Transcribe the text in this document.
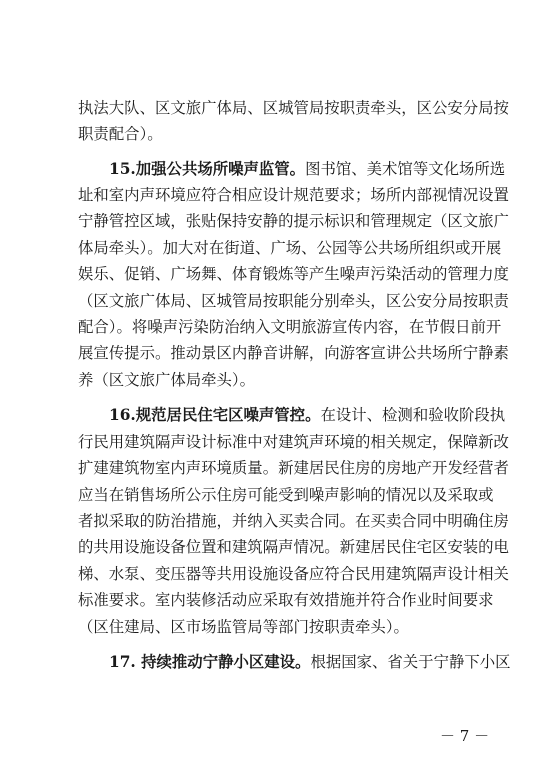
执法大队、区文旅广体局、区城管局按职责牵头，区公安分局按
职责配合）。
15.加强公共场所噪声监管。图书馆、美术馆等文化场所选
址和室内声环境应符合相应设计规范要求；场所内部视情况设置
宁静管控区域，张贴保持安静的提示标识和管理规定（区文旅广
体局牵头）。加大对在街道、广场、公园等公共场所组织或开展
娱乐、促销、广场舞、体育锻炼等产生噪声污染活动的管理力度
（区文旅广体局、区城管局按职能分别牵头，区公安分局按职责
配合）。将噪声污染防治纳入文明旅游宣传内容，在节假日前开
展宣传提示。推动景区内静音讲解，向游客宣讲公共场所宁静素
养（区文旅广体局牵头）。
16.规范居民住宅区噪声管控。在设计、检测和验收阶段执
行民用建筑隔声设计标准中对建筑声环境的相关规定，保障新改
扩建建筑物室内声环境质量。新建居民住房的房地产开发经营者
应当在销售场所公示住房可能受到噪声影响的情况以及采取或
者拟采取的防治措施，并纳入买卖合同。在买卖合同中明确住房
的共用设施设备位置和建筑隔声情况。新建居民住宅区安装的电
梯、水泵、变压器等共用设施设备应符合民用建筑隔声设计相关
标准要求。室内装修活动应采取有效措施并符合作业时间要求
（区住建局、区市场监管局等部门按职责牵头）。
17. 持续推动宁静小区建设。根据国家、省关于宁静下小区
－ 7 －
